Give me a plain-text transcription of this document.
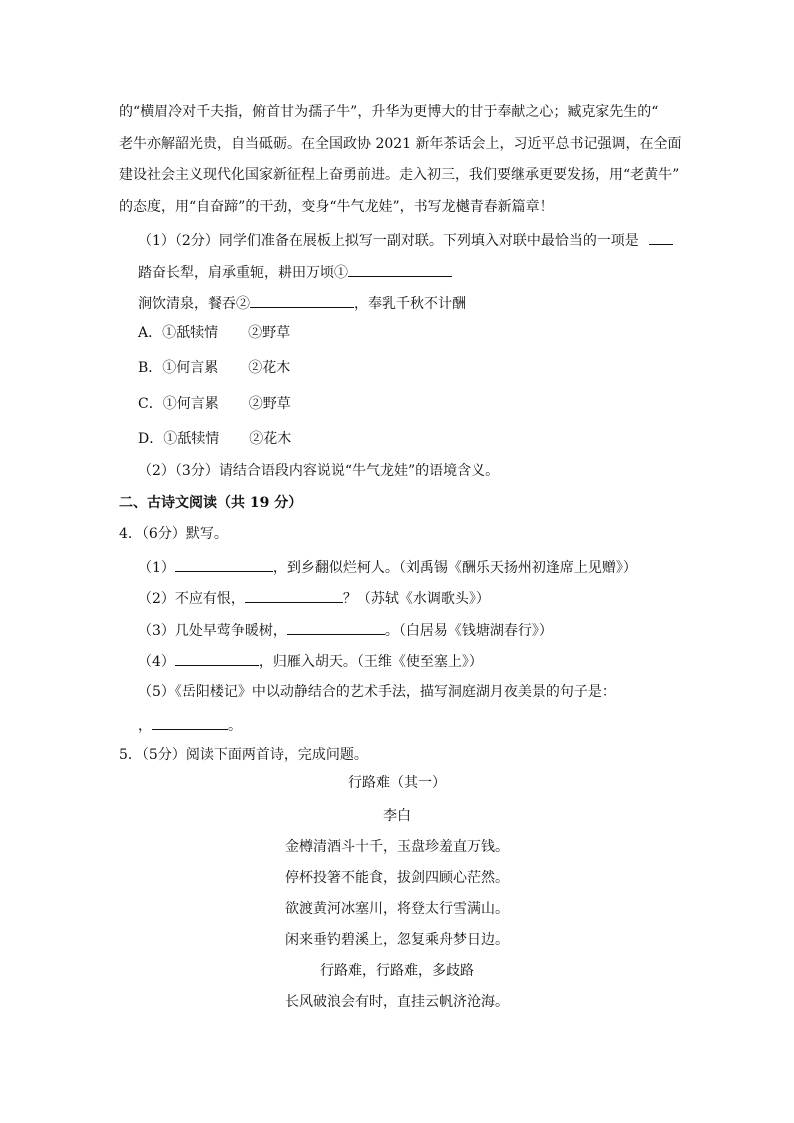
的“横眉冷对千夫指，俯首甘为孺子牛”，升华为更博大的甘于奉献之心；臧克家先生的“
老牛亦解韶光贵，自当砥砺。在全国政协 2021 新年茶话会上，习近平总书记强调，在全面
建设社会主义现代化国家新征程上奋勇前进。走入初三，我们要继承更要发扬，用“老黄牛”
的态度，用“自奋蹄”的干劲，变身“牛气龙娃”，书写龙樾青春新篇章！
（1）（2分）同学们准备在展板上拟写一副对联。下列填入对联中最恰当的一项是
踏奋长犁，肩承重轭，耕田万顷①
涧饮清泉，餐吞②	，奉乳千秋不计酬
A．①舐犊情 ②野草
B．①何言累 ②花木
C．①何言累 ②野草
D．①舐犊情 ②花木
（2）（3分）请结合语段内容说说“牛气龙娃”的语境含义。
二、古诗文阅读（共 19 分）
4．（6分）默写。
（1）	，到乡翻似烂柯人。（刘禹锡《酬乐天扬州初逢席上见赠》）
（2）不应有恨，	？（苏轼《水调歌头》）
（3）几处早莺争暖树，	。（白居易《钱塘湖春行》）
（4）	，归雁入胡天。（王维《使至塞上》）
（5）《岳阳楼记》中以动静结合的艺术手法，描写洞庭湖月夜美景的句子是：
，	。
5．（5分）阅读下面两首诗，完成问题。
行路难（其一）
李白
金樽清酒斗十千，玉盘珍羞直万钱。
停杯投箸不能食，拔剑四顾心茫然。
欲渡黄河冰塞川，将登太行雪满山。
闲来垂钓碧溪上，忽复乘舟梦日边。
行路难，行路难，多歧路
长风破浪会有时，直挂云帆济沧海。
